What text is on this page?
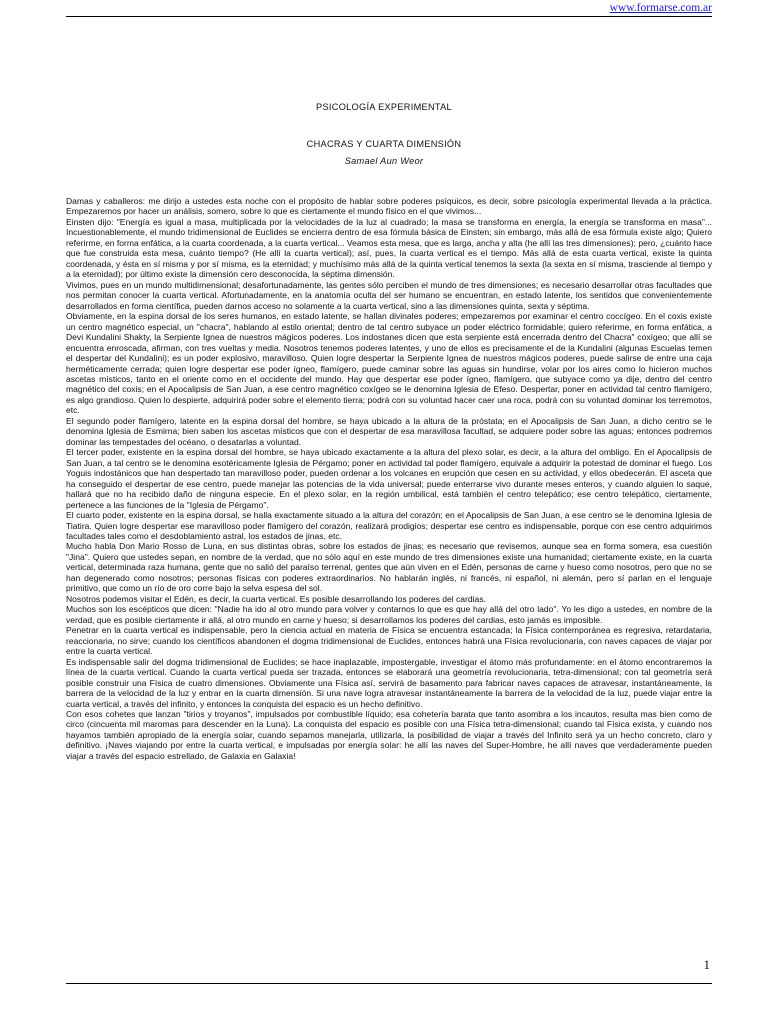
www.formarse.com.ar
PSICOLOGÍA EXPERIMENTAL
CHACRAS Y CUARTA DIMENSIÓN
Samael Aun Weor

Damas y caballeros: me dirijo a ustedes esta noche con el propósito de hablar sobre poderes psíquicos, es decir, sobre psicología experimental llevada a la práctica. Empezaremos por hacer un análisis, somero, sobre lo que es ciertamente el mundo físico en el que vivimos...

Einsten dijo: "Energía es igual a masa, multiplicada por la velocidades de la luz al cuadrado; la masa se transforma en energía, la energía se transforma en masa"... Incuestionablemente, el mundo tridimensional de Euclides se encierra dentro de esa fórmula básica de Einsten; sin embargo, más allá de esa fórmula existe algo; Quiero referirme, en forma enfática, a la cuarta coordenada, a la cuarta vertical... Veamos esta mesa, que es larga, ancha y alta (he allí las tres dimensiones); pero, ¿cuánto hace que fue construida esta mesa, cuánto tiempo? (He allí la cuarta vertical); así, pues, la cuarta vertical es el tiempo. Más allá de esta cuarta vertical, existe la quinta coordenada, y ésta en sí misma y por sí misma, es la eternidad; y muchísimo más allá de la quinta vertical tenemos la sexta (la sexta en sí misma, trasciende al tiempo y a la eternidad); por último existe la dimensión cero desconocida, la séptima dimensión.

Vivimos, pues en un mundo multidimensional; desafortunadamente, las gentes sólo perciben el mundo de tres dimensiones; es necesario desarrollar otras facultades que nos permitan conocer la cuarta vertical. Afortunadamente, en la anatomía oculta del ser humano se encuentran, en estado latente, los sentidos que convenientemente desarrollados en forma científica, pueden darnos acceso no solamente a la cuarta vertical, sino a las dimensiones quinta, sexta y séptima.

Obviamente, en la espina dorsal de los seres humanos, en estado latente, se hallan divinales poderes; empezaremos por examinar el centro coccígeo. En el coxis existe un centro magnético especial, un "chacra", hablando al estilo oriental; dentro de tal centro subyace un poder eléctrico formidable; quiero referirme, en forma enfática, a Devi Kundalini Shakty, la Serpiente Ignea de nuestros mágicos poderes. Los indostanes dicen que esta serpiente está encerrada dentro del Chacra" coxígeo; que allí se encuentra enroscada, afirman, con tres vueltas y media. Nosotros tenemos poderes latentes, y uno de ellos es precisamente el de la Kundalini (algunas Escuelas temen el despertar del Kundalini); es un poder explosivo, maravilloso. Quien logre despertar la Serpiente Ignea de nuestros mágicos poderes, puede salirse de entre una caja herméticamente cerrada; quien logre despertar ese poder ígneo, flamígero, puede caminar sobre las aguas sin hundirse, volar por los aires como lo hicieron muchos ascetas místicos, tanto en el oriente como en el occidente del mundo. Hay que despertar ese poder ígneo, flamígero, que subyace como ya dije, dentro del centro magnético del coxis; en el Apocalipsis de San Juan, a ese centro magnético coxígeo se le denomina Iglesia de Efeso. Despertar, poner en actividad tal centro flamígero, es algo grandioso. Quien lo despierte, adquirirá poder sobre el elemento tierra; podrá con su voluntad hacer caer una roca, podrá con su voluntad dominar los terremotos, etc.

El segundo poder flamígero, latente en la espina dorsal del hombre, se haya ubicado a la altura de la próstata; en el Apocalipsis de San Juan, a dicho centro se le denomina Iglesia de Esmirna; bien saben los ascetas místicos que con el despertar de esa maravillosa facultad, se adquiere poder sobre las aguas; entonces podremos dominar las tempestades del océano, o desatarlas a voluntad.

El tercer poder, existente en la espina dorsal del hombre, se haya ubicado exactamente a la altura del plexo solar, es decir, a la altura del ombligo. En el Apocalipsis de San Juan, a tal centro se le denomina esotéricamente Iglesia de Pérgamo; poner en actividad tal poder flamígero, equivale a adquirir la potestad de dominar el fuego. Los Yoguis indostánicos que han despertado tan maravilloso poder, pueden ordenar a los volcanes en erupción que cesen en su actividad, y ellos obedecerán. El asceta que ha conseguido el despertar de ese centro, puede manejar las potencias de la vida universal; puede enterrarse vivo durante meses enteros, y cuando alguien lo saque, hallará que no ha recibido daño de ninguna especie. En el plexo solar, en la región umbilical, está también el centro telepático; ese centro telepático, ciertamente, pertenece a las funciones de la "Iglesia de Pérgamo".

El cuarto poder, existente en la espina dorsal, se halla exactamente situado a la altura del corazón; en el Apocalipsis de San Juan, a ese centro se le denomina Iglesia de Tiatira. Quien logre despertar ese maravilloso poder flamígero del corazón, realizará prodigios; despertar ese centro es indispensable, porque con ese centro adquirimos facultades tales como el desdoblamiento astral, los estados de jinas, etc.

Mucho habla Don Mario Rosso de Luna, en sus distintas obras, sobre los estados de jinas; es necesario que revisemos, aunque sea en forma somera, esa cuestión "Jina". Quiero que ustedes sepan, en nombre de la verdad, que no sólo aquí en este mundo de tres dimensiones existe una humanidad; ciertamente existe, en la cuarta vertical, determinada raza humana, gente que no salió del paraíso terrenal, gentes que aún viven en el Edén, personas de carne y hueso como nosotros, pero que no se han degenerado como nosotros; personas físicas con poderes extraordinarios. No hablarán inglés, ni francés, ni español, ni alemán, pero sí parlan en el lenguaje primitivo, que como un río de oro corre bajo la selva espesa del sol.

Nosotros podemos visitar el Edén, es decir, la cuarta vertical. Es posible desarrollando los poderes del cardias.

Muchos son los escépticos que dicen: "Nadie ha ido al otro mundo para volver y contarnos lo que es que hay allá del otro lado". Yo les digo a ustedes, en nombre de la verdad, que es posible ciertamente ir allá, al otro mundo en carne y hueso; si desarrollamos los poderes del cardias, esto jamás es imposible.

Penetrar en la cuarta vertical es indispensable, pero la ciencia actual en materia de Física se encuentra estancada; la Física contemporánea es regresiva, retardataria, reaccionaria, no sirve; cuando los científicos abandonen el dogma tridimensional de Euclides, entonces habrá una Física revolucionaria, con naves capaces de viajar por entre la cuarta vertical.

Es indispensable salir del dogma tridimensional de Euclides; se hace inaplazable, impostergable, investigar el átomo más profundamente: en el átomo encontraremos la línea de la cuarta vertical. Cuando la cuarta vertical pueda ser trazada, entonces se elaborará una geometría revolucionaria, tetra-dimensional; con tal geometría será posible construir una Física de cuatro dimensiones. Obviamente una Física así, servirá de basamento para fabricar naves capaces de atravesar, instantáneamente, la barrera de la velocidad de la luz y entrar en la cuarta dimensión. Si una nave logra atravesar instantáneamente la barrera de la velocidad de la luz, puede viajar entre la cuarta vertical, a través del infinito, y entonces la conquista del espacio es un hecho definitivo.

Con esos cohetes que lanzan "tirios y troyanos", impulsados por combustible líquido; esa cohetería barata que tanto asombra a los incautos, resulta mas bien como de circo (cincuenta mil maromas para descender en la Luna). La conquista del espacio es posible con una Física tetra-dimensional; cuando tal Física exista, y cuando nos hayamos también apropiado de la energía solar, cuando sepamos manejarla, utilizarla, la posibilidad de viajar a través del Infinito será ya un hecho concreto, claro y definitivo. ¡Naves viajando por entre la cuarta vertical, e impulsadas por energía solar: he allí las naves del Super-Hombre, he allí naves que verdaderamente pueden viajar a través del espacio estrellado, de Galaxia en Galaxia!

1
